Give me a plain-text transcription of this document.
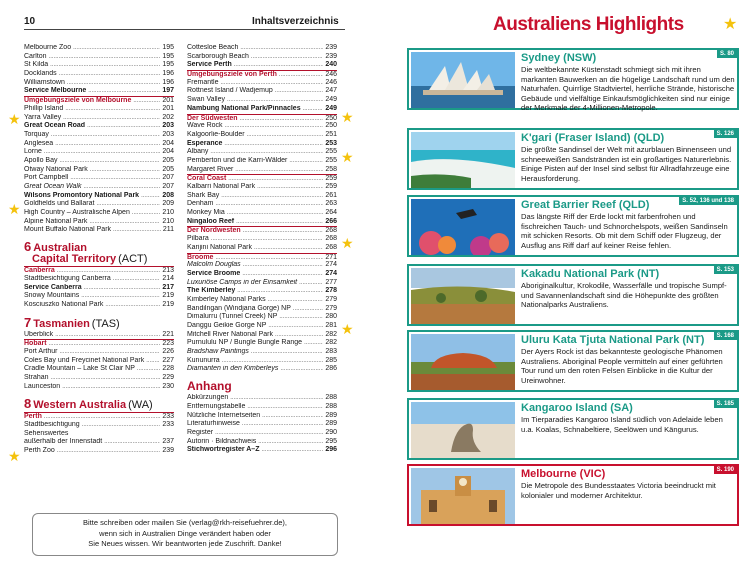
10	Inhaltsverzeichnis
Melbourne Zoo .....	195
Carlton .....	195
St Kilda .....	195
Docklands .....	196
Williamstown .....	196
Service Melbourne .....	197
Umgebungsziele von Melbourne .....	201
Phillip Island .....	201
Yarra Valley .....	202
Great Ocean Road .....	203
Torquay .....	203
Anglesea .....	204
Lorne .....	204
Apollo Bay .....	205
Otway National Park .....	205
Port Campbell .....	207
Great Ocean Walk .....	207
Wilsons Promontory National Park .....	208
Goldfields und Ballarat .....	209
High Country – Australische Alpen .....	210
Alpine National Park .....	210
Mount Buffalo National Park .....	211
6 Australian
Capital Territory (ACT)
Canberra .....	213
Stadtbesichtigung Canberra .....	214
Service Canberra .....	217
Snowy Mountains .....	219
Kosciuszko National Park .....	219
7 Tasmanien (TAS)
Überblick .....	221
Hobart .....	223
Port Arthur .....	226
Coles Bay und Freycinet National Park .....	227
Cradle Mountain – Lake St Clair NP .....	228
Strahan .....	229
Launceston .....	230
8 Western Australia (WA)
Perth .....	233
Stadtbesichtigung .....	233
Sehenswertes
außerhalb der Innenstadt .....	237
Perth Zoo .....	239
Cottesloe Beach .....	239
Scarborough Beach .....	239
Service Perth .....	240
Umgebungsziele von Perth .....	246
Fremantle .....	246
Rottnest Island / Wadjemup .....	247
Swan Valley .....	249
Nambung National Park/Pinnacles .....	249
Der Südwesten .....	250
Wave Rock .....	250
Kalgoorlie-Boulder .....	251
Esperance .....	253
Albany .....	255
Pemberton und die Karri-Wälder .....	255
Margaret River .....	258
Coral Coast .....	259
Kalbarri National Park .....	259
Shark Bay .....	261
Denham .....	263
Monkey Mia .....	264
Ningaloo Reef .....	266
Der Nordwesten .....	268
Pilbara .....	268
Karijini National Park .....	268
Broome .....	271
Malcolm Douglas .....	274
Service Broome .....	274
Luxuriöse Camps in der Einsamkeit .....	277
The Kimberley .....	278
Kimberley National Parks .....	279
Bandilngan (Windjana Gorge) NP .....	279
Dimalurru (Tunnel Creek) NP .....	280
Danggu Geikie Gorge NP .....	281
Mitchell River National Park .....	282
Purnululu NP / Bungle Bungle Range .....	282
Bradshaw Paintings .....	283
Kununurra .....	285
Diamanten in den Kimberleys .....	286
Anhang
Abkürzungen .....	288
Entfernungstabelle .....	288
Nützliche Internetseiten .....	289
Literaturhinweise .....	289
Register .....	290
Autorin · Bildnachweis .....	295
Stichwortregister A–Z .....	296
★
★
★
★
★
★
★
Bitte schreiben oder mailen Sie (verlag@rkh-reisefuehrer.de),
wenn sich in Australien Dinge verändert haben oder
Sie Neues wissen. Wir beantworten jede Zuschrift. Danke!
Australiens Highlights ★
Sydney (NSW)	S. 80
Die weltbekannte Küstenstadt schmiegt sich mit ihren markanten Bauwerken an die hügelige Landschaft rund um den Naturhafen. Quirrlige Stadtviertel, herrliche Strände, historische Gebäude und vielfältige Einkaufsmöglichkeiten sind nur einige der Merkmale der 4-Millionen-Metropole.
K'gari (Fraser Island) (QLD)	S. 126
Die größte Sandinsel der Welt mit azurblauen Binnenseen und schneeweißen Sandstränden ist ein großartiges Naturerlebnis. Einige Pisten auf der Insel sind selbst für Allradfahrzeuge eine Herausforderung.
Great Barrier Reef (QLD)	S. 52, 136 und 138
Das längste Riff der Erde lockt mit farbenfrohen und fischreichen Tauch- und Schnorchelspots, weißen Sandinseln mit schicken Resorts. Ob mit dem Schiff oder Flugzeug, der Ausflug ans Riff darf auf keiner Reise fehlen.
Kakadu National Park (NT)	S. 153
Aboriginalkultur, Krokodile, Wasserfälle und tropische Sumpf- und Savannenlandschaft sind die Höhepunkte des größten Nationalparks Australiens.
Uluru Kata Tjuta National Park (NT)	S. 168
Der Ayers Rock ist das bekannteste geologische Phänomen Australiens. Aboriginal People vermitteln auf einer geführten Tour rund um den roten Felsen Einblicke in die Kultur der Ureinwohner.
Kangaroo Island (SA)	S. 185
Im Tierparadies Kangaroo Island südlich von Adelaide leben u.a. Koalas, Schnabeltiere, Seelöwen und Kängurus.
Melbourne (VIC)	S. 190
Die Metropole des Bundesstaates Victoria beeindruckt mit kolonialer und moderner Architektur.
